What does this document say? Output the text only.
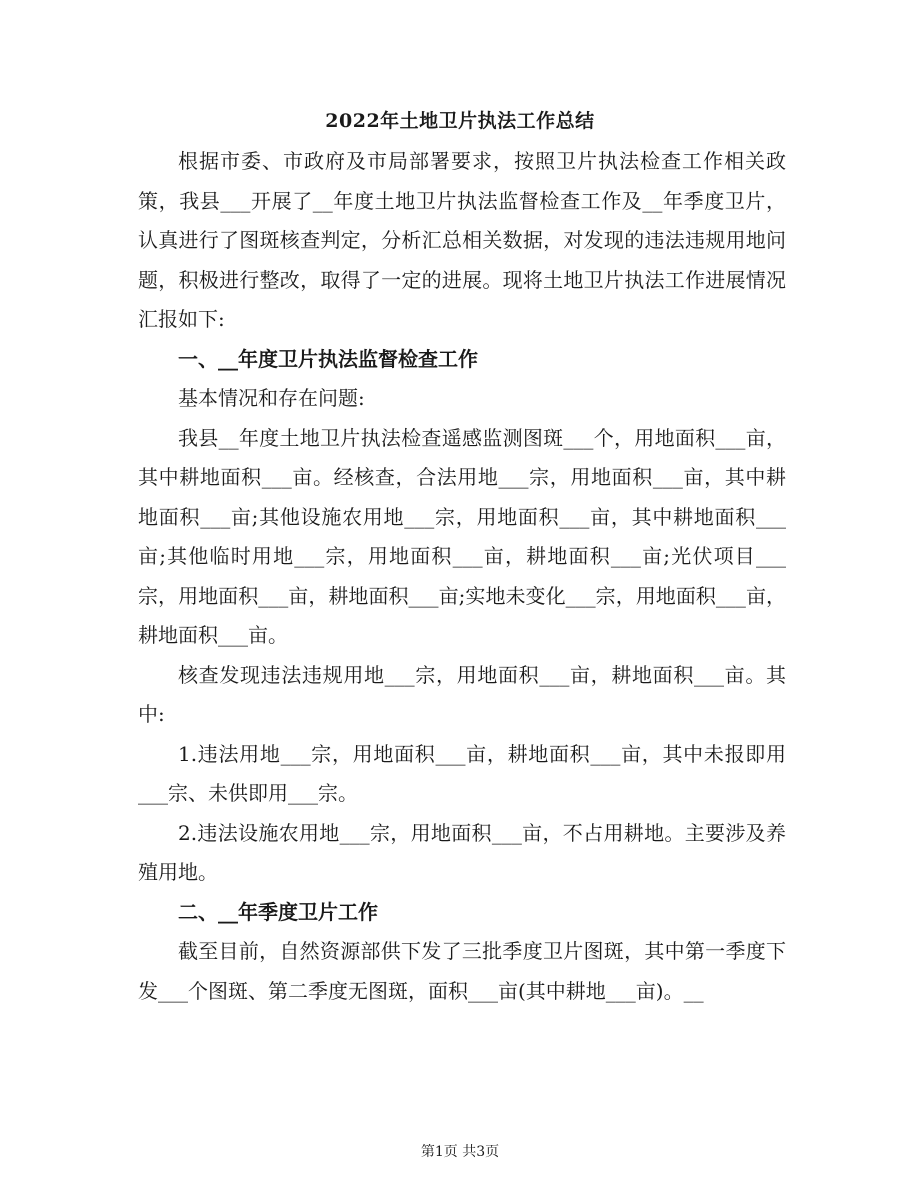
2022年土地卫片执法工作总结

根据市委、市政府及市局部署要求，按照卫片执法检查工作相关政策，我县___开展了__年度土地卫片执法监督检查工作及__年季度卫片，认真进行了图斑核查判定，分析汇总相关数据，对发现的违法违规用地问题，积极进行整改，取得了一定的进展。现将土地卫片执法工作进展情况汇报如下:

一、__年度卫片执法监督检查工作

基本情况和存在问题:

我县__年度土地卫片执法检查遥感监测图斑___个，用地面积___亩，其中耕地面积___亩。经核查，合法用地___宗，用地面积___亩，其中耕地面积___亩;其他设施农用地___宗，用地面积___亩，其中耕地面积___亩;其他临时用地___宗，用地面积___亩，耕地面积___亩;光伏项目___宗，用地面积___亩，耕地面积___亩;实地未变化___宗，用地面积___亩，耕地面积___亩。

核查发现违法违规用地___宗，用地面积___亩，耕地面积___亩。其中:

1.违法用地___宗，用地面积___亩，耕地面积___亩，其中未报即用___宗、未供即用___宗。

2.违法设施农用地___宗，用地面积___亩，不占用耕地。主要涉及养殖用地。

二、__年季度卫片工作

截至目前，自然资源部供下发了三批季度卫片图斑，其中第一季度下发___个图斑、第二季度无图斑，面积___亩(其中耕地___亩)。__

第1页 共3页
